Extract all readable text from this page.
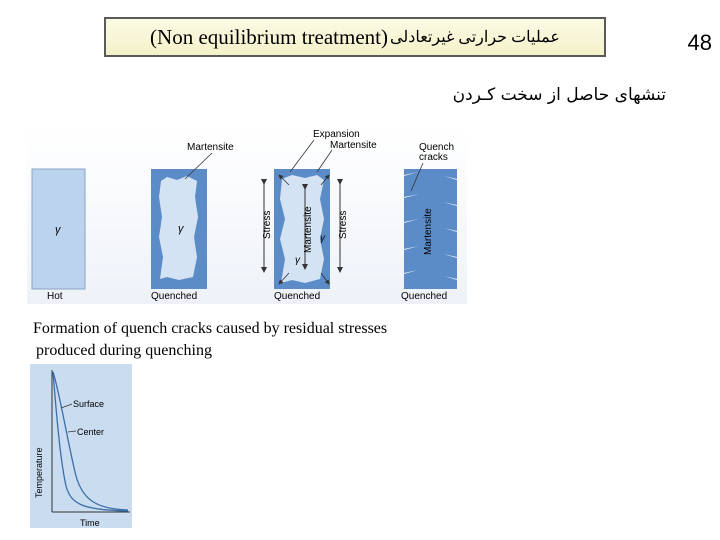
(Non equilibrium treatment) عملیات حرارتی غیرتعادلی	48
تنشهای حاصل از سخت کـردن
γ	γ
γ
γ
Martensite
Stress	Stress	Martensite
Martensite
Expansion
Martensite	Quench
cracks
Hot	Quenched	Quenched	Quenched
Formation of quench cracks caused by residual stresses
produced during quenching
Surface
Center
Temperature
Time
